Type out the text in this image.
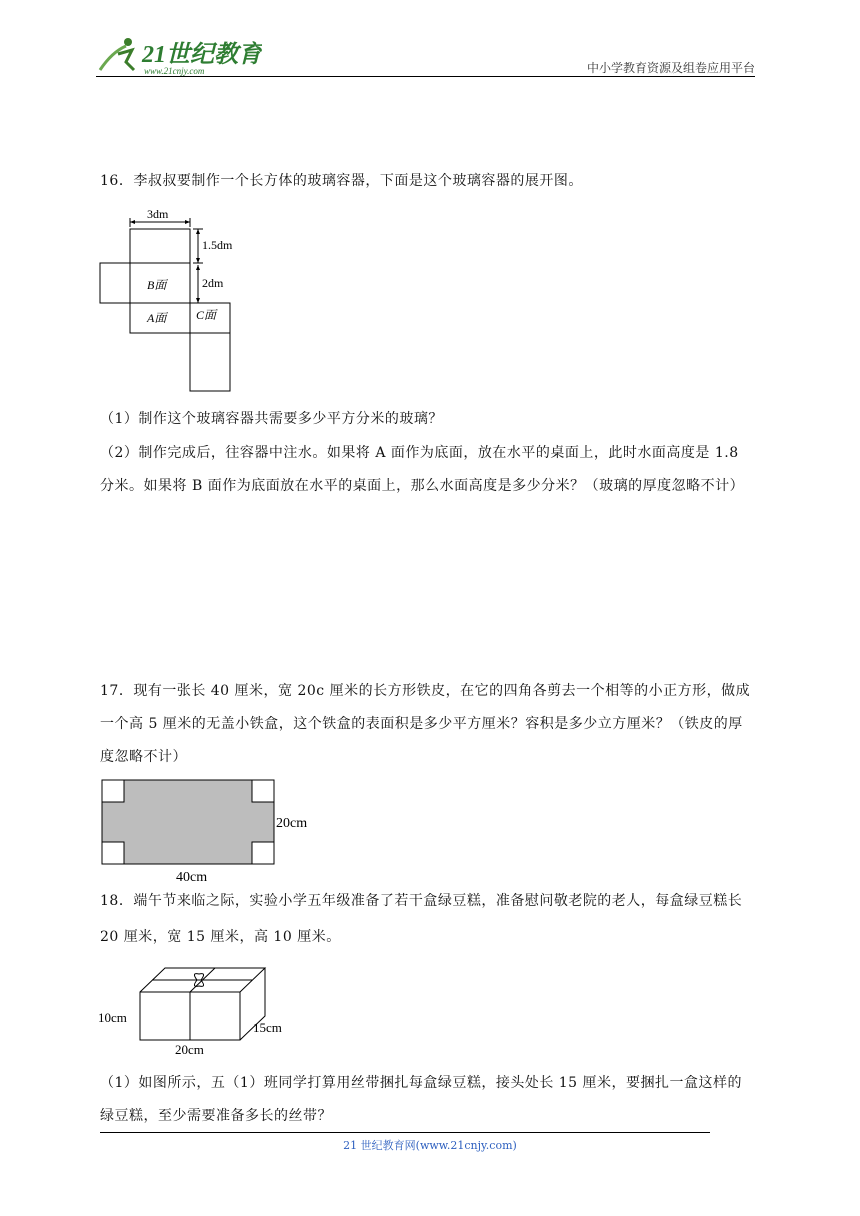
21世纪教育
www.21cnjy.com	中小学教育资源及组卷应用平台
16．李叔叔要制作一个长方体的玻璃容器，下面是这个玻璃容器的展开图。
3dm
1.5dm
2dm
B面
A面 C面
（1）制作这个玻璃容器共需要多少平方分米的玻璃？
（2）制作完成后，往容器中注水。如果将 A 面作为底面，放在水平的桌面上，此时水面高度是 1.8
分米。如果将 B 面作为底面放在水平的桌面上，那么水面高度是多少分米？（玻璃的厚度忽略不计）
17．现有一张长 40 厘米，宽 20c 厘米的长方形铁皮，在它的四角各剪去一个相等的小正方形，做成
一个高 5 厘米的无盖小铁盒，这个铁盒的表面积是多少平方厘米？容积是多少立方厘米？（铁皮的厚
度忽略不计）
20cm
40cm
18．端午节来临之际，实验小学五年级准备了若干盒绿豆糕，准备慰问敬老院的老人，每盒绿豆糕长
20 厘米，宽 15 厘米，高 10 厘米。
10cm
15cm
20cm
（1）如图所示，五（1）班同学打算用丝带捆扎每盒绿豆糕，接头处长 15 厘米，要捆扎一盒这样的
绿豆糕，至少需要准备多长的丝带？
21 世纪教育网(www.21cnjy.com)
